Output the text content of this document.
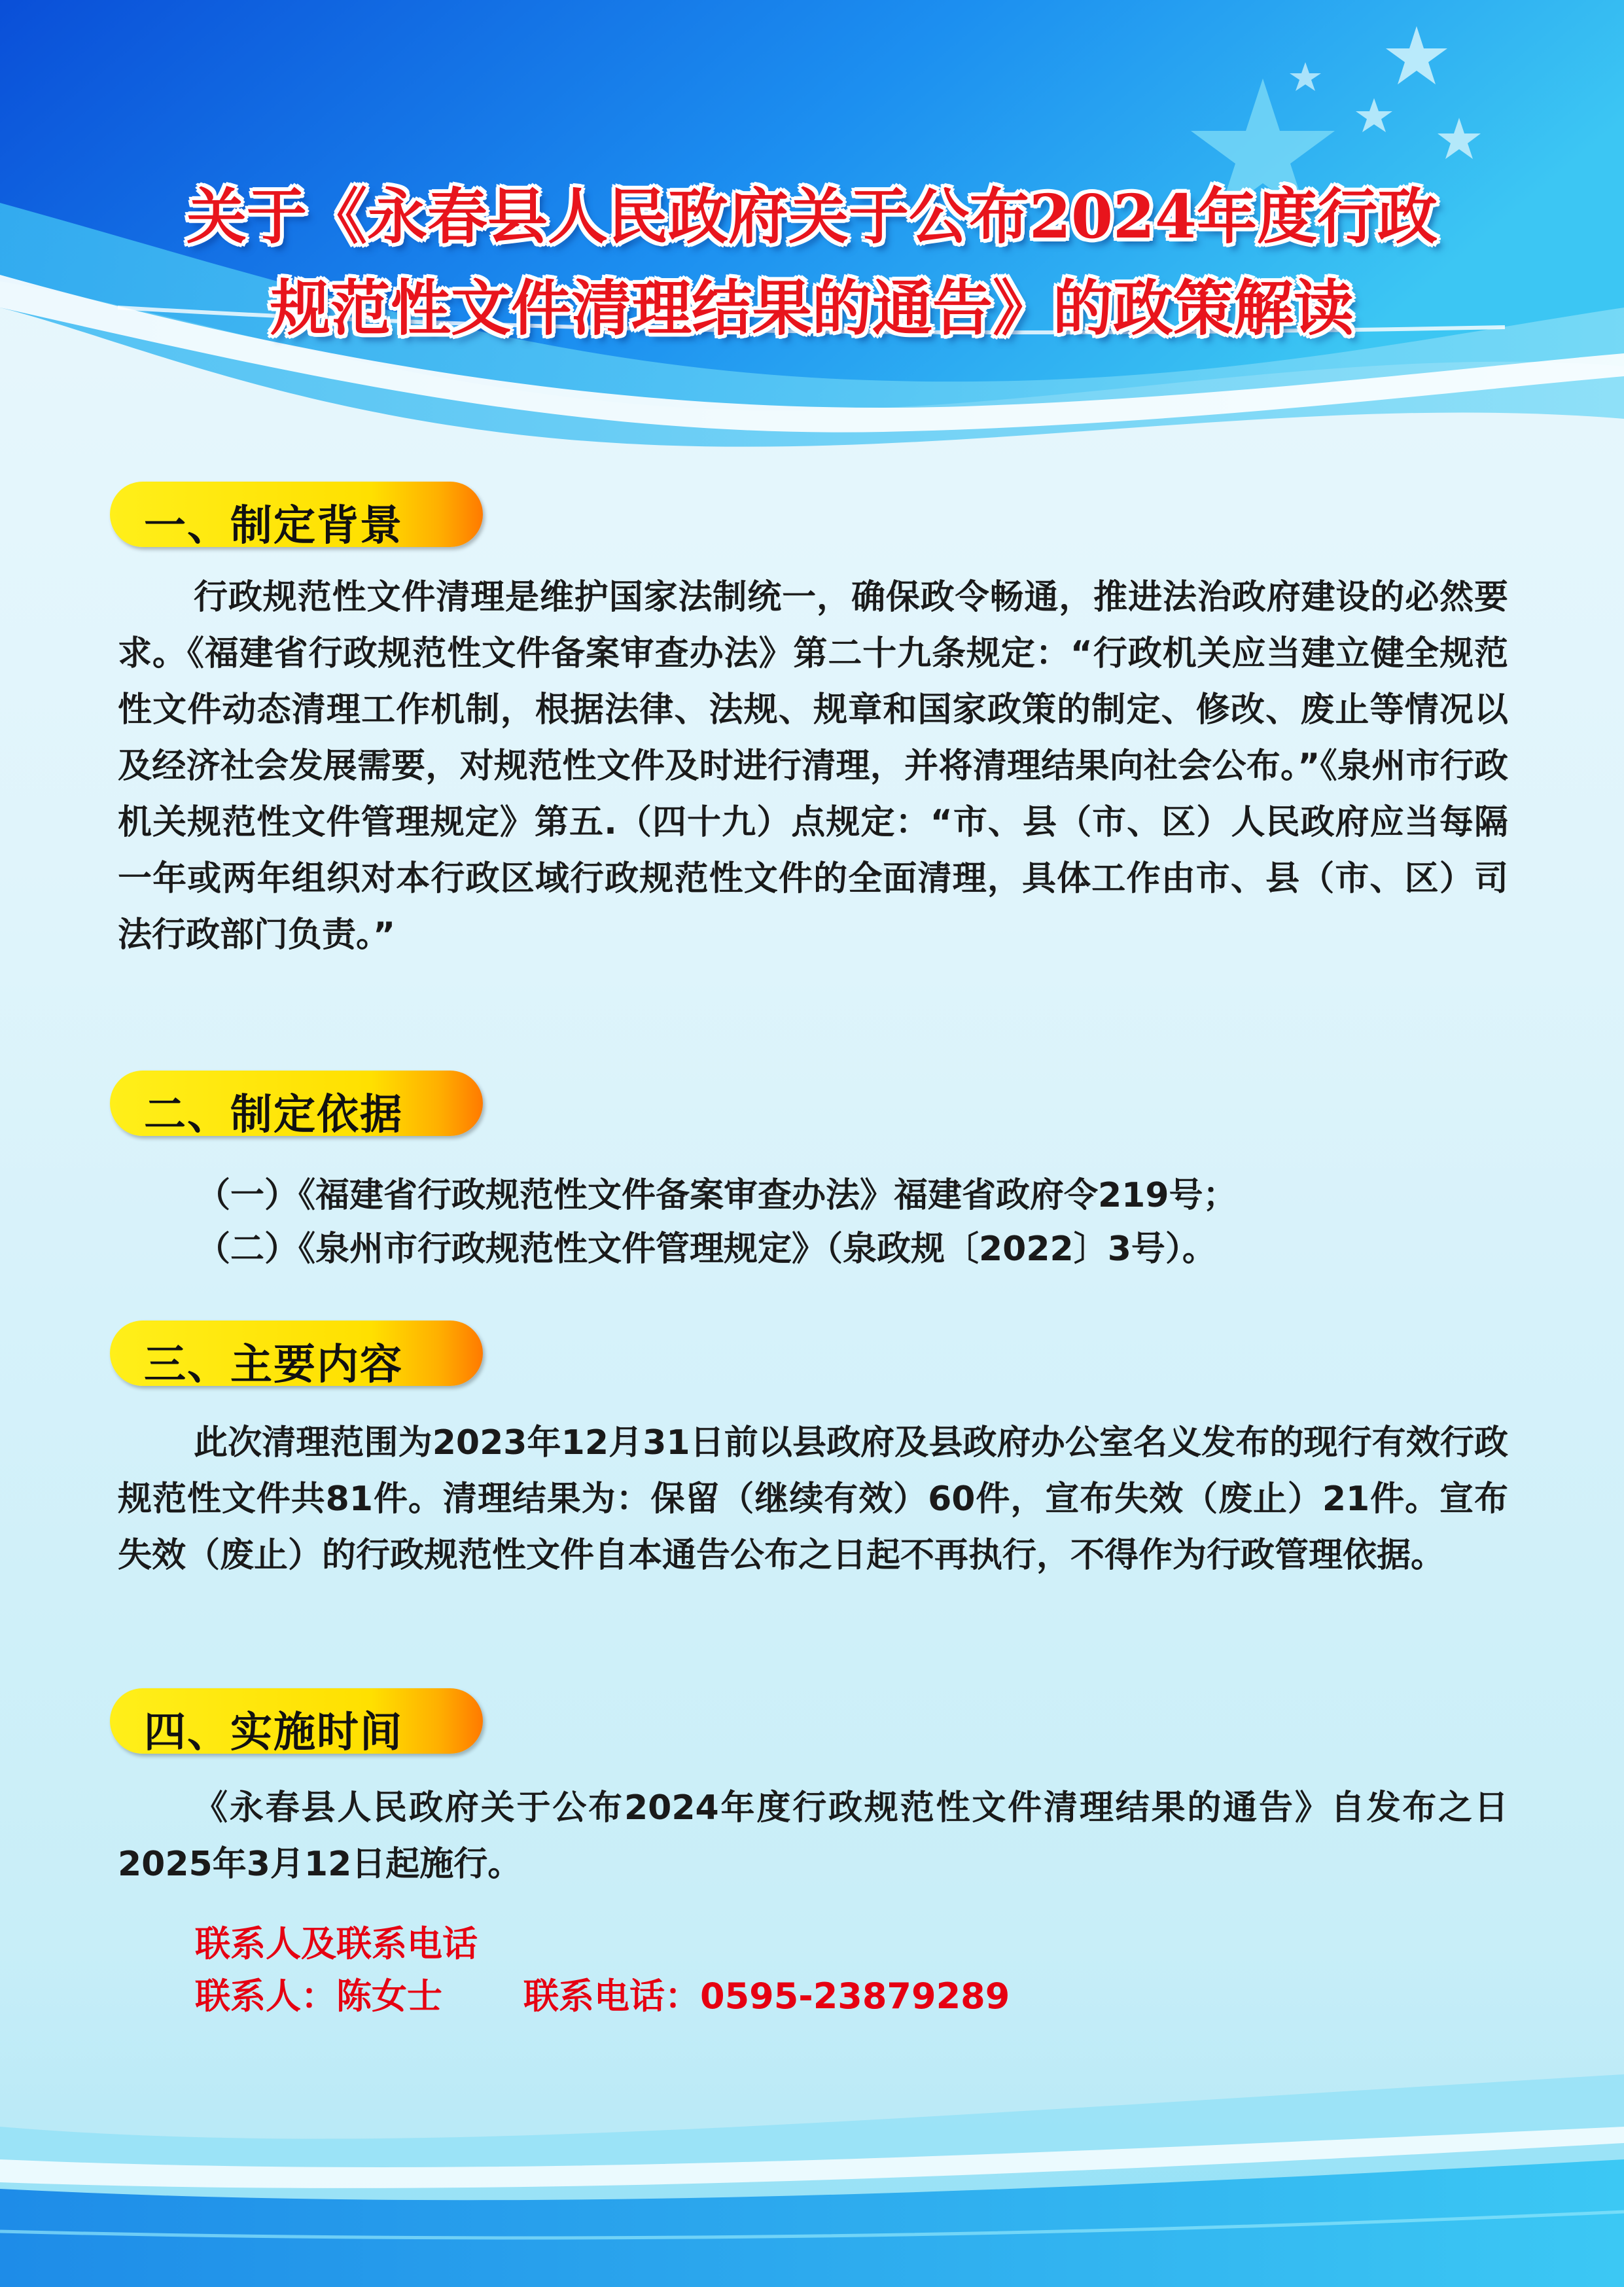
关于《永春县人民政府关于公布2024年度行政
规范性文件清理结果的通告》的政策解读
一、制定背景

行政规范性文件清理是维护国家法制统一，确保政令畅通，推进法治政府建设的必然要求。《福建省行政规范性文件备案审查办法》第二十九条规定：“行政机关应当建立健全规范性文件动态清理工作机制，根据法律、法规、规章和国家政策的制定、修改、废止等情况以及经济社会发展需要，对规范性文件及时进行清理，并将清理结果向社会公布。”《泉州市行政机关规范性文件管理规定》第五.（四十九）点规定：“市、县（市、区）人民政府应当每隔一年或两年组织对本行政区域行政规范性文件的全面清理，具体工作由市、县（市、区）司法行政部门负责。”

二、制定依据
（一）《福建省行政规范性文件备案审查办法》福建省政府令219号；
（二）《泉州市行政规范性文件管理规定》（泉政规〔2022〕3号）。
三、主要内容

此次清理范围为2023年12月31日前以县政府及县政府办公室名义发布的现行有效行政规范性文件共81件。清理结果为：保留（继续有效）60件，宣布失效（废止）21件。宣布失效（废止）的行政规范性文件自本通告公布之日起不再执行，不得作为行政管理依据。

四、实施时间

《永春县人民政府关于公布2024年度行政规范性文件清理结果的通告》自发布之日2025年3月12日起施行。

联系人及联系电话
联系人：陈女士 联系电话：0595-23879289
